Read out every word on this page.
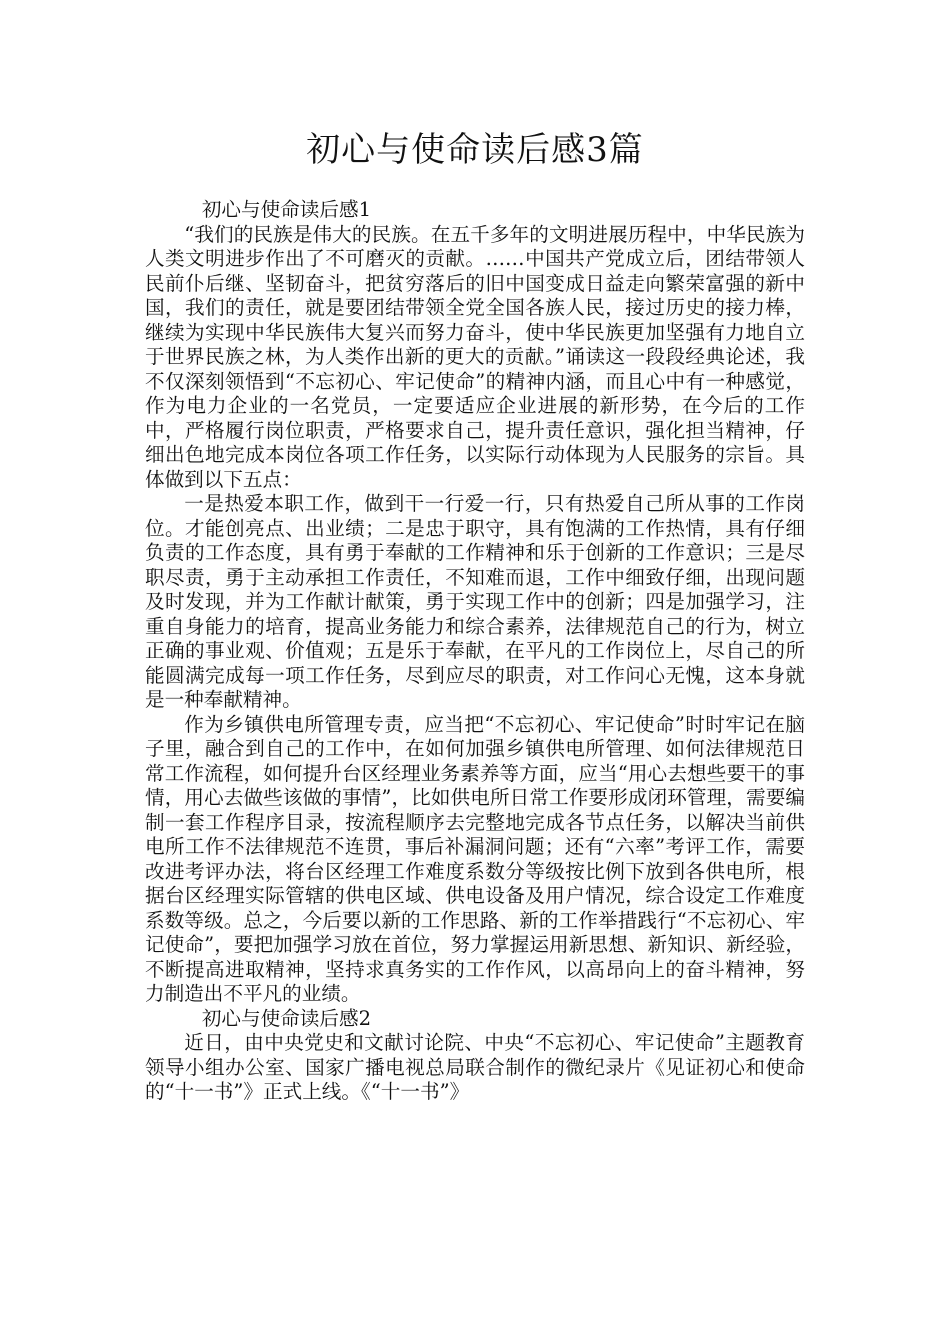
初心与使命读后感3篇

初心与使命读后感1

“我们的民族是伟大的民族。在五千多年的文明进展历程中，中华民族为人类文明进步作出了不可磨灭的贡献。……中国共产党成立后，团结带领人民前仆后继、坚韧奋斗，把贫穷落后的旧中国变成日益走向繁荣富强的新中国，我们的责任，就是要团结带领全党全国各族人民，接过历史的接力棒，继续为实现中华民族伟大复兴而努力奋斗，使中华民族更加坚强有力地自立于世界民族之林，为人类作出新的更大的贡献。”诵读这一段段经典论述，我不仅深刻领悟到“不忘初心、牢记使命”的精神内涵，而且心中有一种感觉，作为电力企业的一名党员，一定要适应企业进展的新形势，在今后的工作中，严格履行岗位职责，严格要求自己，提升责任意识，强化担当精神，仔细出色地完成本岗位各项工作任务，以实际行动体现为人民服务的宗旨。具体做到以下五点：

一是热爱本职工作，做到干一行爱一行，只有热爱自己所从事的工作岗位。才能创亮点、出业绩；二是忠于职守，具有饱满的工作热情，具有仔细负责的工作态度，具有勇于奉献的工作精神和乐于创新的工作意识；三是尽职尽责，勇于主动承担工作责任，不知难而退，工作中细致仔细，出现问题及时发现，并为工作献计献策，勇于实现工作中的创新；四是加强学习，注重自身能力的培育，提高业务能力和综合素养，法律规范自己的行为，树立正确的事业观、价值观；五是乐于奉献，在平凡的工作岗位上，尽自己的所能圆满完成每一项工作任务，尽到应尽的职责，对工作问心无愧，这本身就是一种奉献精神。

作为乡镇供电所管理专责，应当把“不忘初心、牢记使命”时时牢记在脑子里，融合到自己的工作中，在如何加强乡镇供电所管理、如何法律规范日常工作流程，如何提升台区经理业务素养等方面，应当“用心去想些要干的事情，用心去做些该做的事情”，比如供电所日常工作要形成闭环管理，需要编制一套工作程序目录，按流程顺序去完整地完成各节点任务，以解决当前供电所工作不法律规范不连贯，事后补漏洞问题；还有“六率”考评工作，需要改进考评办法，将台区经理工作难度系数分等级按比例下放到各供电所，根据台区经理实际管辖的供电区域、供电设备及用户情况，综合设定工作难度系数等级。总之，今后要以新的工作思路、新的工作举措践行“不忘初心、牢记使命”，要把加强学习放在首位，努力掌握运用新思想、新知识、新经验，不断提高进取精神，坚持求真务实的工作作风，以高昂向上的奋斗精神，努力制造出不平凡的业绩。

初心与使命读后感2

近日，由中央党史和文献讨论院、中央“不忘初心、牢记使命”主题教育领导小组办公室、国家广播电视总局联合制作的微纪录片《见证初心和使命的“十一书”》正式上线。《“十一书”》
